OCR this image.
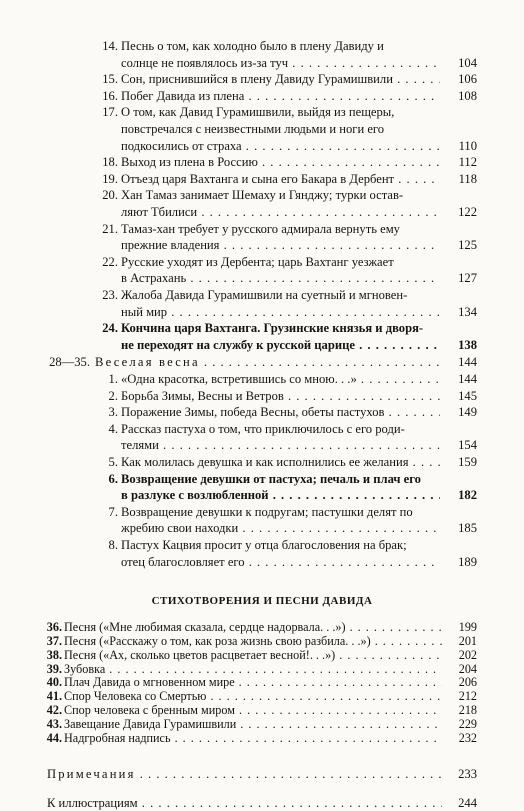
14. Песнь о том, как холодно было в плену Давиду и
солнце не появлялось из-за туч . . .	104
15. Сон, приснившийся в плену Давиду Гурамишвили . . .	106
16. Побег Давида из плена . . .	108
17. О том, как Давид Гурамишвили, выйдя из пещеры,
повстречался с неизвестными людьми и ноги его
подкосились от страха . . .	110
18. Выход из плена в Россию . . .	112
19. Отъезд царя Вахтанга и сына его Бакара в Дербент . . .	118
20. Хан Тамаз занимает Шемаху и Гянджу; турки остав-
ляют Тбилиси . . .	122
21. Тамаз-хан требует у русского адмирала вернуть ему
прежние владения . . .	125
22. Русские уходят из Дербента; царь Вахтанг уезжает
в Астрахань . . .	127
23. Жалоба Давида Гурамишвили на суетный и мгновен-
ный мир . . .	134
24. Кончина царя Вахтанга. Грузинские князья и дворя-
не переходят на службу к русской царице . . .	138
28—35. Веселая весна . . .	144
1. «Одна красотка, встретившись со мною. . .» . . .	144
2. Борьба Зимы, Весны и Ветров . . .	145
3. Поражение Зимы, победа Весны, обеты пастухов . . .	149
4. Рассказ пастуха о том, что приключилось с его роди-
телями . . .	154
5. Как молилась девушка и как исполнились ее желания . . .	159
6. Возвращение девушки от пастуха; печаль и плач его
в разлуке с возлюбленной . . .	182
7. Возвращение девушки к подругам; пастушки делят по
жребию свои находки . . .	185
8. Пастух Кацвия просит у отца благословения на брак;
отец благословляет его . . .	189
СТИХОТВОРЕНИЯ И ПЕСНИ ДАВИДА
36. Песня («Мне любимая сказала, сердце надорвала. . .») . . .	199
37. Песня («Расскажу о том, как роза жизнь свою разбила. . .») . . .	201
38. Песня («Ах, сколько цветов расцветает весной!. . .») . . .	202
39. Зубовка . . .	204
40. Плач Давида о мгновенном мире . . .	206
41. Спор Человека со Смертью . . .	212
42. Спор человека с бренным миром . . .	218
43. Завещание Давида Гурамишвили . . .	229
44. Надгробная надпись . . .	232
Примечания . . .	233
К иллюстрациям . . .	244
